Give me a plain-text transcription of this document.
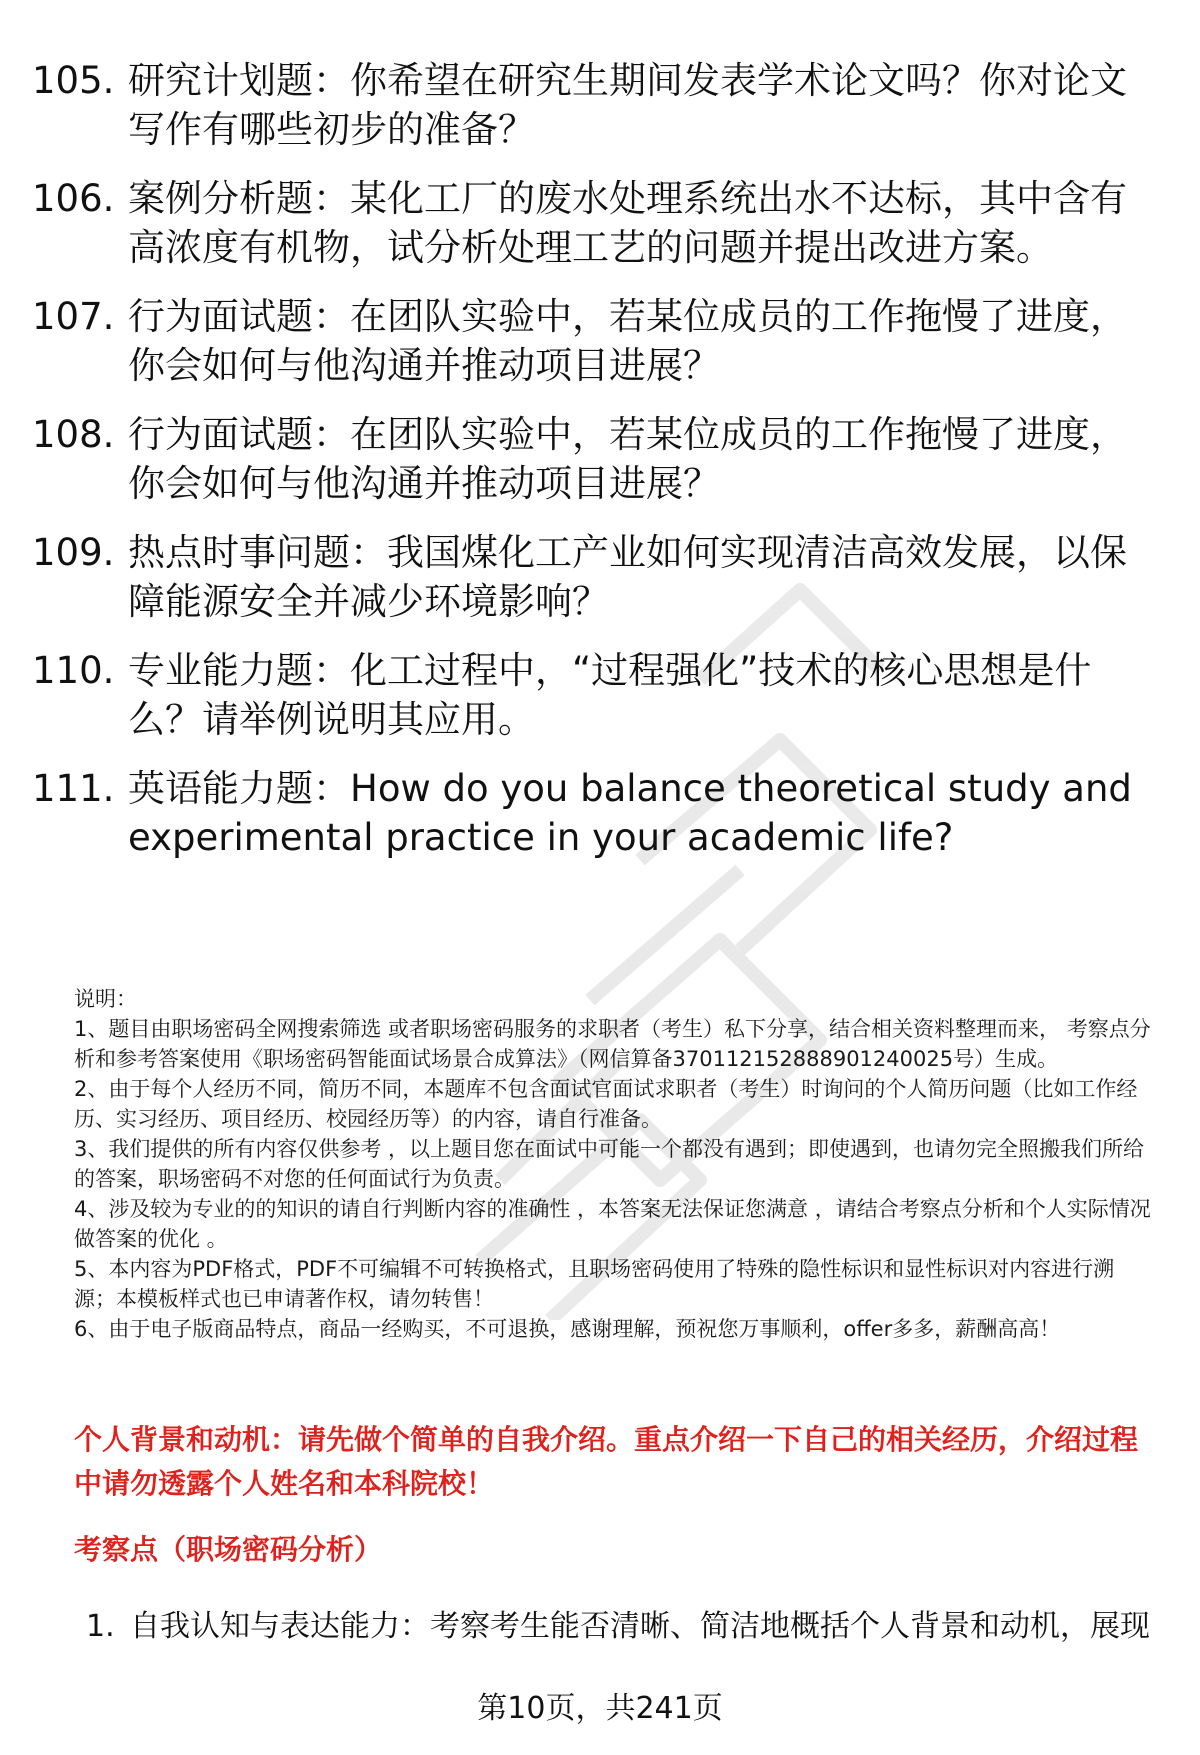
105. 研究计划题：你希望在研究生期间发表学术论文吗？你对论文写作有哪些初步的准备？
106. 案例分析题：某化工厂的废水处理系统出水不达标，其中含有高浓度有机物，试分析处理工艺的问题并提出改进方案。
107. 行为面试题：在团队实验中，若某位成员的工作拖慢了进度，你会如何与他沟通并推动项目进展？
108. 行为面试题：在团队实验中，若某位成员的工作拖慢了进度，你会如何与他沟通并推动项目进展？
109. 热点时事问题：我国煤化工产业如何实现清洁高效发展，以保障能源安全并减少环境影响？
110. 专业能力题：化工过程中，“过程强化”技术的核心思想是什么？请举例说明其应用。
111. 英语能力题：How do you balance theoretical study and experimental practice in your academic life?

说明：

1、题目由职场密码全网搜索筛选 或者职场密码服务的求职者（考生）私下分享，结合相关资料整理而来， 考察点分析和参考答案使用《职场密码智能面试场景合成算法》（网信算备370112152888901240025号）生成。

2、由于每个人经历不同，简历不同，本题库不包含面试官面试求职者（考生）时询问的个人简历问题（比如工作经历、实习经历、项目经历、校园经历等）的内容，请自行准备。

3、我们提供的所有内容仅供参考 ，以上题目您在面试中可能一个都没有遇到；即使遇到，也请勿完全照搬我们所给的答案，职场密码不对您的任何面试行为负责。

4、涉及较为专业的的知识的请自行判断内容的准确性 ，本答案无法保证您满意 ，请结合考察点分析和个人实际情况做答案的优化 。

5、本内容为PDF格式，PDF不可编辑不可转换格式，且职场密码使用了特殊的隐性标识和显性标识对内容进行溯源；本模板样式也已申请著作权，请勿转售！

6、由于电子版商品特点，商品一经购买，不可退换，感谢理解，预祝您万事顺利，offer多多，薪酬高高！

个人背景和动机：请先做个简单的自我介绍。重点介绍一下自己的相关经历，介绍过程中请勿透露个人姓名和本科院校！
考察点（职场密码分析）
1. 自我认知与表达能力：考察考生能否清晰、简洁地概括个人背景和动机，展现
第10页，共241页
